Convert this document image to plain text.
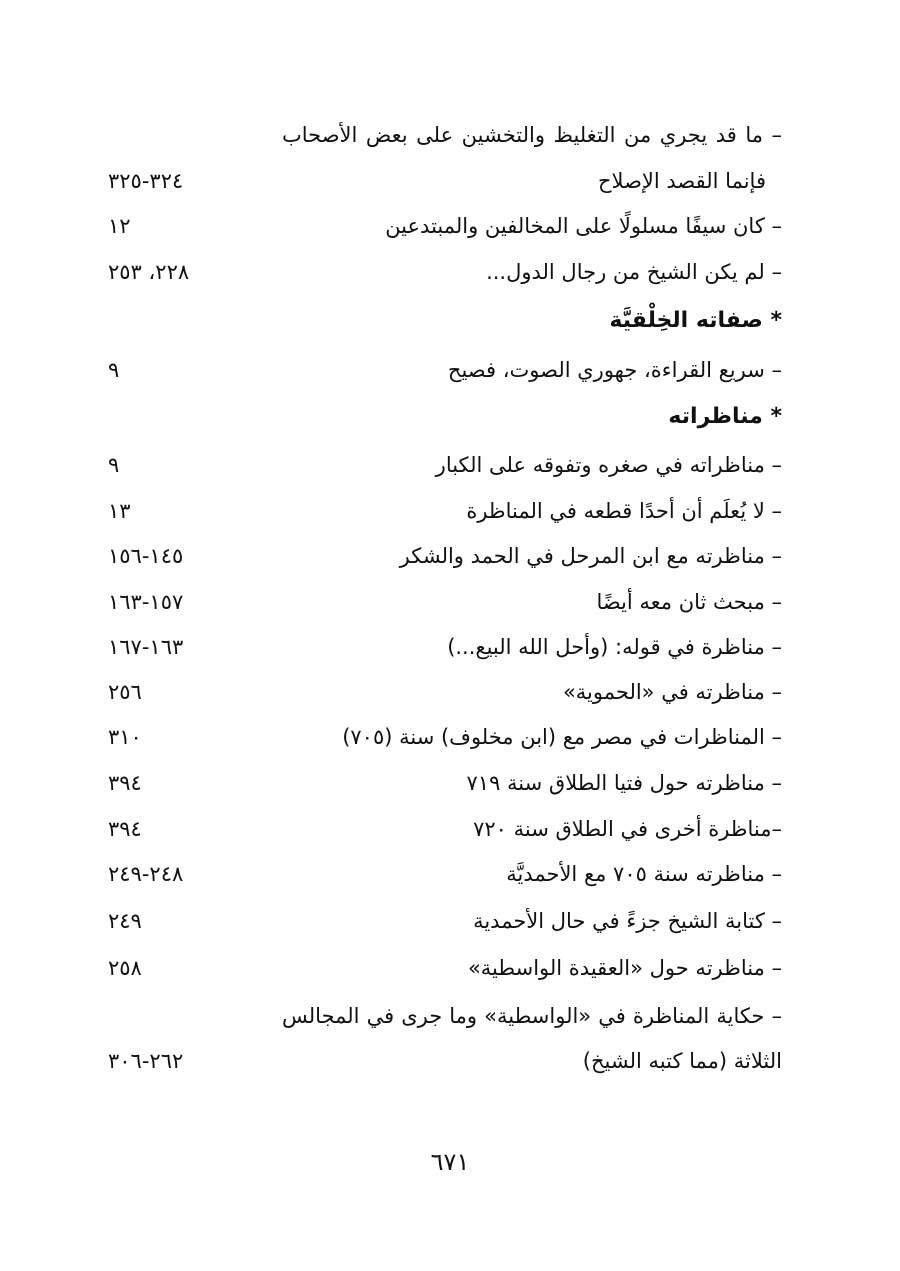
– ما قد يجري من التغليظ والتخشين على بعض الأصحاب
فإنما القصد الإصلاح
٣٢٤-٣٢٥
– كان سيفًا مسلولًا على المخالفين والمبتدعين
١٢
– لم يكن الشيخ من رجال الدول...
٢٢٨، ٢٥٣
* صفاته الخِلْقيَّة
– سريع القراءة، جهوري الصوت، فصيح
٩
* مناظراته
– مناظراته في صغره وتفوقه على الكبار
٩
– لا يُعلَم أن أحدًا قطعه في المناظرة
١٣
– مناظرته مع ابن المرحل في الحمد والشكر
١٤٥-١٥٦
– مبحث ثان معه أيضًا
١٥٧-١٦٣
– مناظرة في قوله: (وأحل الله البيع...)
١٦٣-١٦٧
– مناظرته في «الحموية»
٢٥٦
– المناظرات في مصر مع (ابن مخلوف) سنة (٧٠٥)
٣١٠
– مناظرته حول فتيا الطلاق سنة ٧١٩
٣٩٤
–مناظرة أخرى في الطلاق سنة ٧٢٠
٣٩٤
– مناظرته سنة ٧٠٥ مع الأحمديَّة
٢٤٨-٢٤٩
– كتابة الشيخ جزءً في حال الأحمدية
٢٤٩
– مناظرته حول «العقيدة الواسطية»
٢٥٨
– حكاية المناظرة في «الواسطية» وما جرى في المجالس
الثلاثة (مما كتبه الشيخ)
٢٦٢-٣٠٦
٦٧١
